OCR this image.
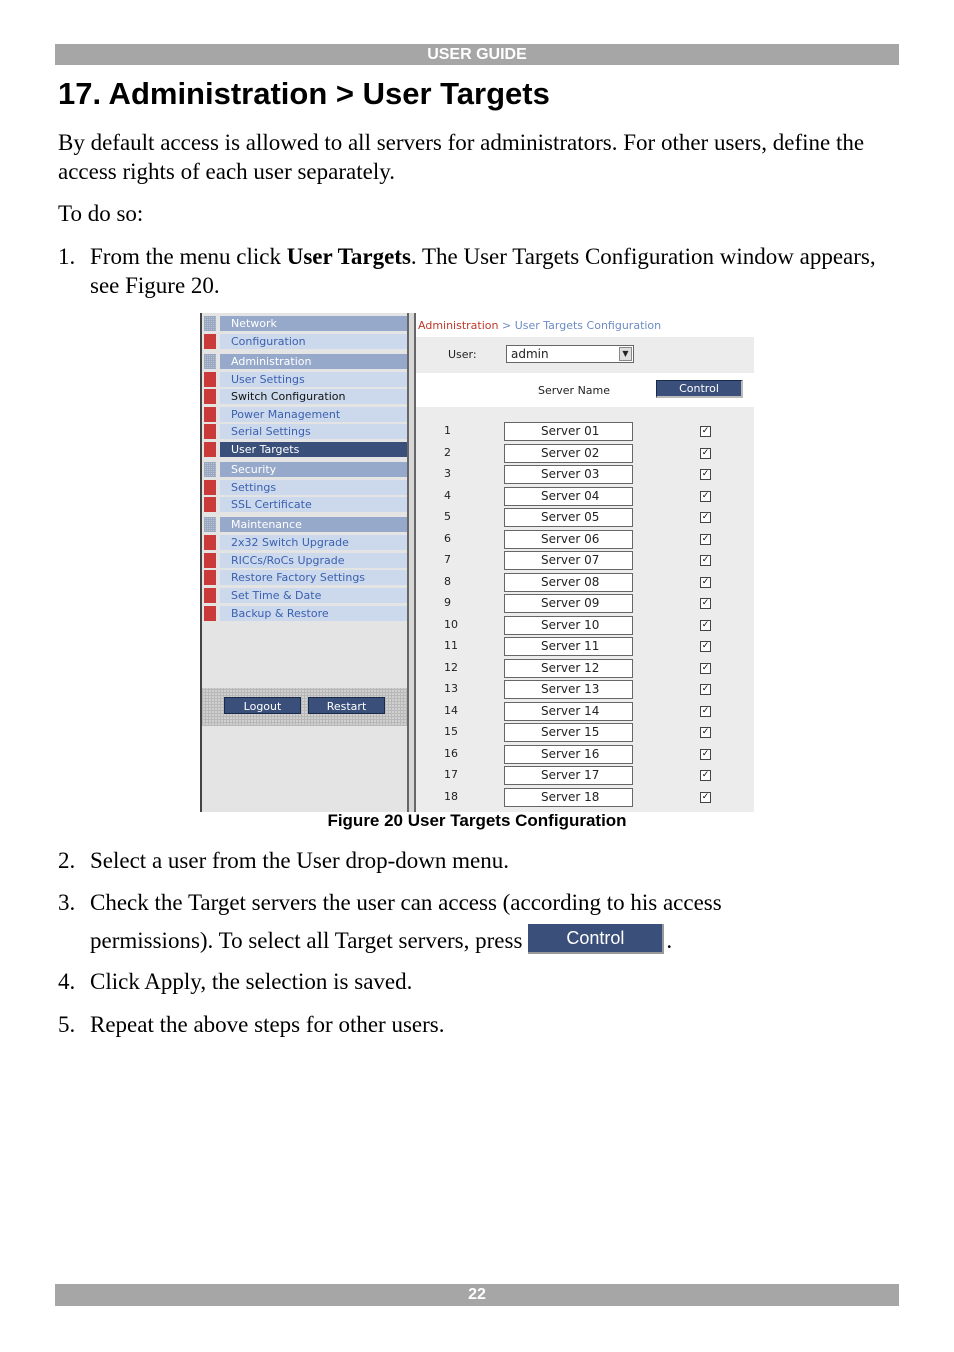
USER GUIDE
17. Administration > User Targets

By default access is allowed to all servers for administrators. For other users, define the access rights of each user separately.

To do so:

1. From the menu click User Targets. The User Targets Configuration window appears, see Figure 20.
Network
Configuration
Administration
User Settings
Switch Configuration
Power Management
Serial Settings
User Targets
Security
Settings
SSL Certificate
Maintenance
2x32 Switch Upgrade
RICCs/RoCs Upgrade
Restore Factory Settings
Set Time & Date
Backup & Restore
Logout	Restart
Administration > User Targets Configuration
User:	admin	▼
Server Name	Control
1	Server 01	✓
2	Server 02	✓
3	Server 03	✓
4	Server 04	✓
5	Server 05	✓
6	Server 06	✓
7	Server 07	✓
8	Server 08	✓
9	Server 09	✓
10	Server 10	✓
11	Server 11	✓
12	Server 12	✓
13	Server 13	✓
14	Server 14	✓
15	Server 15	✓
16	Server 16	✓
17	Server 17	✓
18	Server 18	✓
Figure 20 User Targets Configuration
2. Select a user from the User drop-down menu.
3. Check the Target servers the user can access (according to his access
permissions). To select all Target servers, press Control .
4. Click Apply, the selection is saved.
5. Repeat the above steps for other users.
22
